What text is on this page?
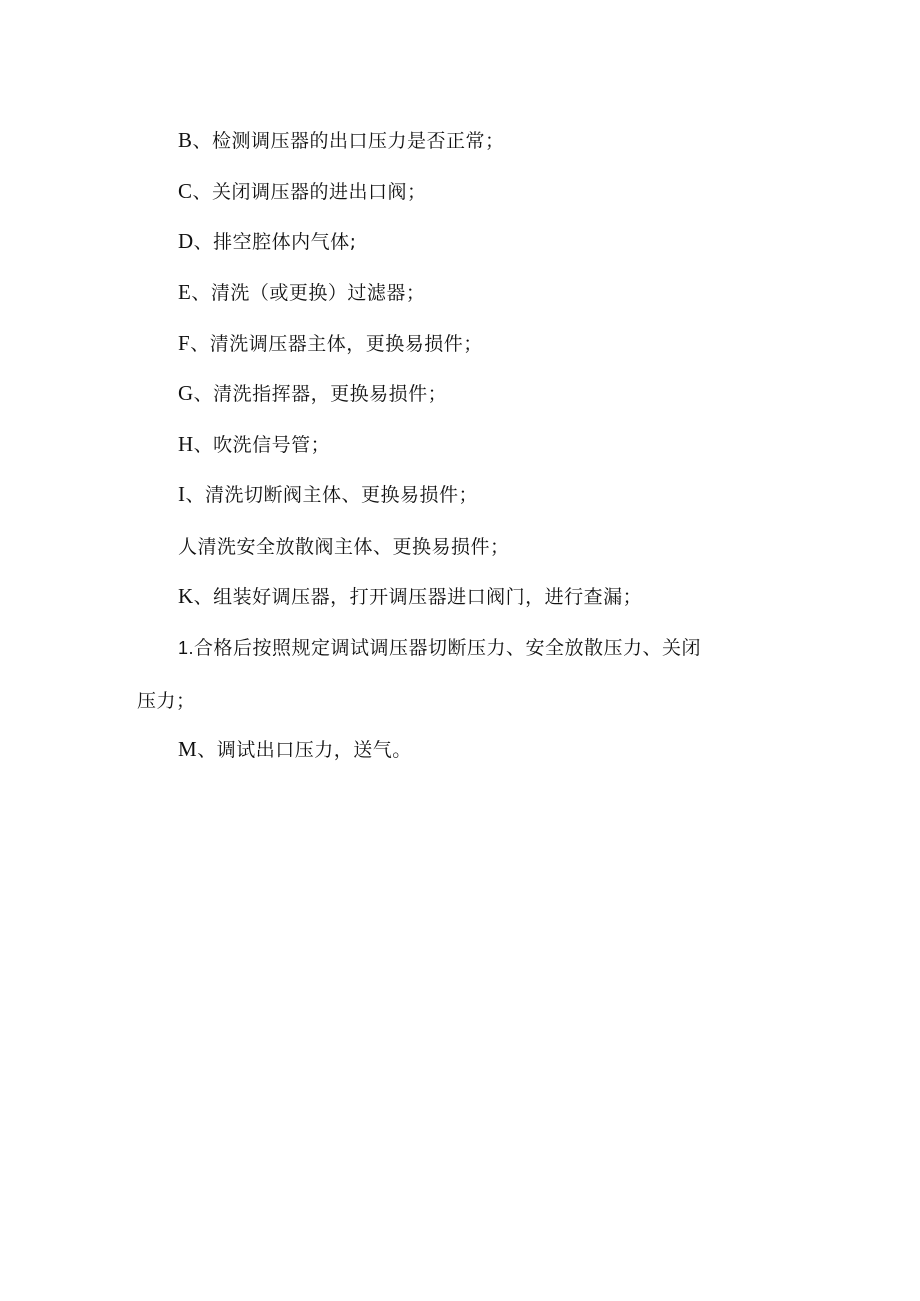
B、检测调压器的出口压力是否正常；
C、关闭调压器的进出口阀；
D、排空腔体内气体;
E、清洗（或更换）过滤器；
F、清洗调压器主体，更换易损件；
G、清洗指挥器，更换易损件；
H、吹洗信号管；
I、清洗切断阀主体、更换易损件；
人清洗安全放散阀主体、更换易损件；
K、组装好调压器，打开调压器进口阀门，进行查漏；
1.合格后按照规定调试调压器切断压力、安全放散压力、关闭
压力；
M、调试出口压力，送气。
